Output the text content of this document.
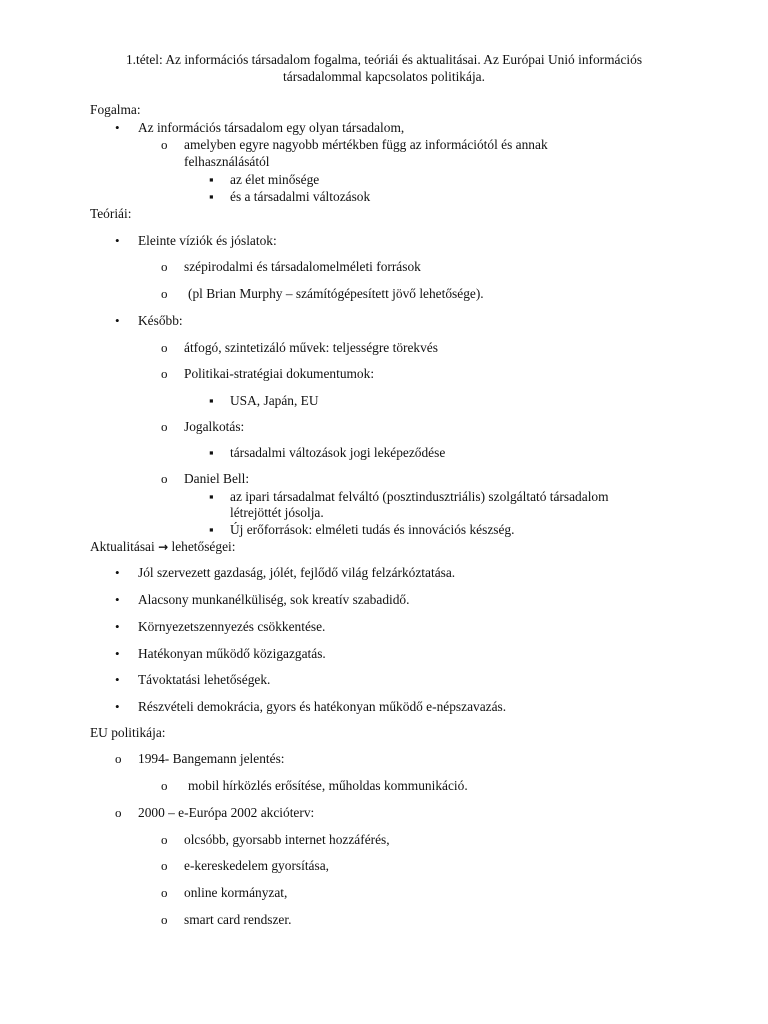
1.tétel: Az információs társadalom fogalma, teóriái és aktualitásai. Az Európai Unió információs társadalommal kapcsolatos politikája.
Fogalma:
• Az információs társadalom egy olyan társadalom,
o amelyben egyre nagyobb mértékben függ az információtól és annak
felhasználásától
▪ az élet minősége
▪ és a társadalmi változások
Teóriái:
• Eleinte víziók és jóslatok:
o szépirodalmi és társadalomelméleti források
o (pl Brian Murphy – számítógépesített jövő lehetősége).
• Később:
o átfogó, szintetizáló művek: teljességre törekvés
o Politikai-stratégiai dokumentumok:
▪ USA, Japán, EU
o Jogalkotás:
▪ társadalmi változások jogi leképeződése
o Daniel Bell:
▪ az ipari társadalmat felváltó (posztindusztriális) szolgáltató társadalom
létrejöttét jósolja.
▪ Új erőforrások: elméleti tudás és innovációs készség.
Aktualitásai → lehetőségei:
• Jól szervezett gazdaság, jólét, fejlődő világ felzárkóztatása.
• Alacsony munkanélküliség, sok kreatív szabadidő.
• Környezetszennyezés csökkentése.
• Hatékonyan működő közigazgatás.
• Távoktatási lehetőségek.
• Részvételi demokrácia, gyors és hatékonyan működő e-népszavazás.
EU politikája:
o 1994- Bangemann jelentés:
o mobil hírközlés erősítése, műholdas kommunikáció.
o 2000 – e-Európa 2002 akcióterv:
o olcsóbb, gyorsabb internet hozzáférés,
o e-kereskedelem gyorsítása,
o online kormányzat,
o smart card rendszer.
